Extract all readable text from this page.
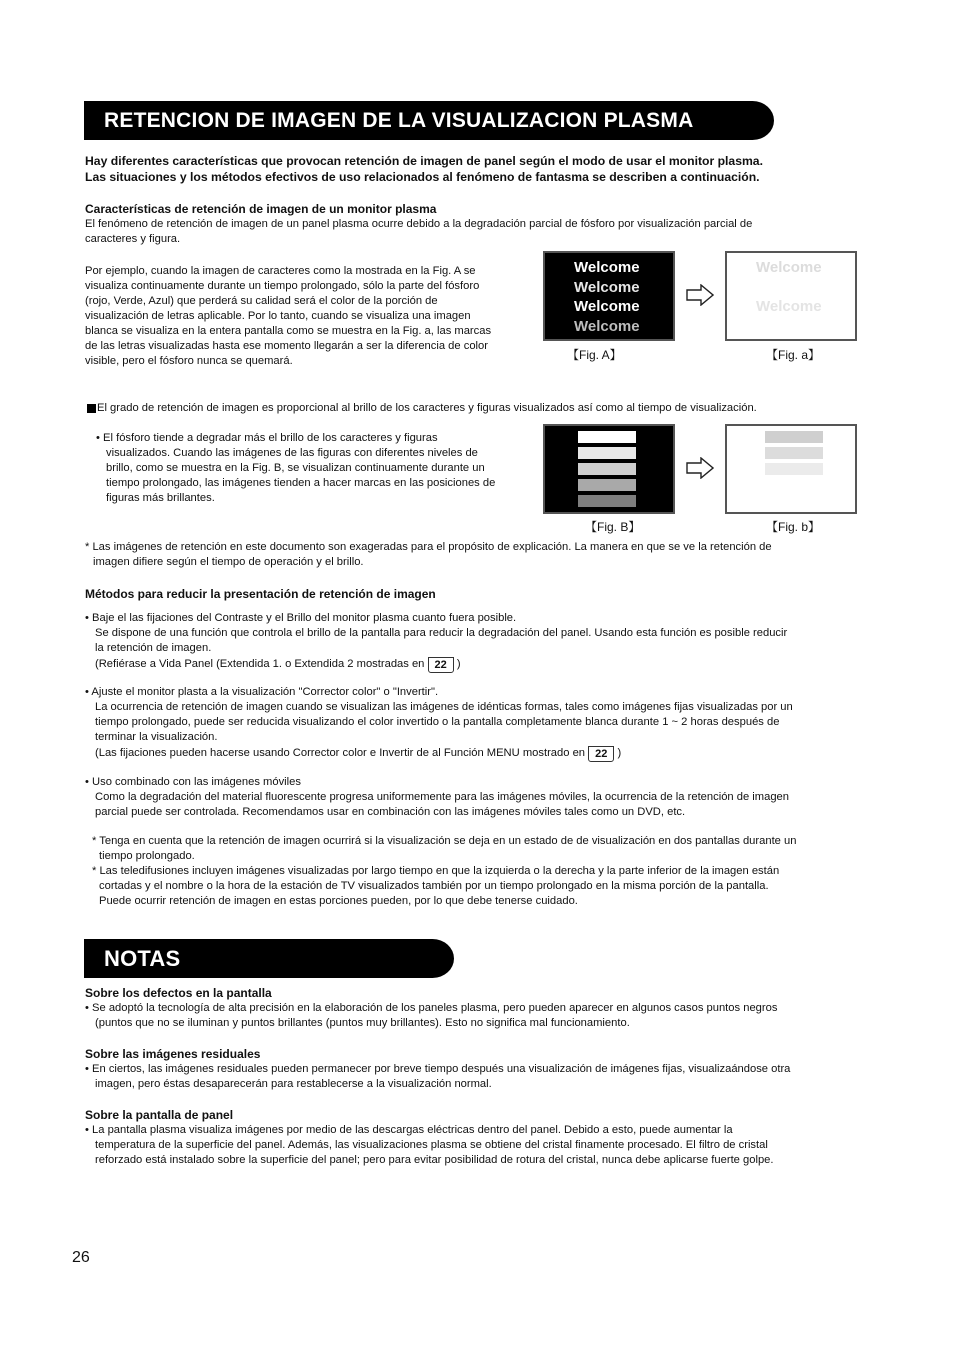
RETENCION DE IMAGEN DE LA VISUALIZACION PLASMA
Hay diferentes características que provocan retención de imagen de panel según el modo de usar el monitor plasma.
Las situaciones y los métodos efectivos de uso relacionados al fenómeno de fantasma se describen a continuación.
Características de retención de imagen de un monitor plasma
El fenómeno de retención de imagen de un panel plasma ocurre debido a la degradación parcial de fósforo por visualización parcial de
caracteres y figura.
Por ejemplo, cuando la imagen de caracteres como la mostrada en la Fig. A se
visualiza continuamente durante un tiempo prolongado, sólo la parte del fósforo
(rojo, Verde, Azul) que perderá su calidad será el color de la porción de
visualización de letras aplicable. Por lo tanto, cuando se visualiza una imagen
blanca se visualiza en la entera pantalla como se muestra en la Fig. a, las marcas
de las letras visualizadas hasta ese momento llegarán a ser la diferencia de color
visible, pero el fósforo nunca se quemará.
Welcome
Welcome
Welcome
Welcome
【Fig. A】
Welcome

Welcome
【Fig. a】
El grado de retención de imagen es proporcional al brillo de los caracteres y figuras visualizados así como al tiempo de visualización.
• El fósforo tiende a degradar más el brillo de los caracteres y figuras
visualizados. Cuando las imágenes de las figuras con diferentes niveles de
brillo, como se muestra en la Fig. B, se visualizan continuamente durante un
tiempo prolongado, las imágenes tienden a hacer marcas en las posiciones de
figuras más brillantes.
【Fig. B】	【Fig. b】
* Las imágenes de retención en este documento son exageradas para el propósito de explicación. La manera en que se ve la retención de
imagen difiere según el tiempo de operación y el brillo.
Métodos para reducir la presentación de retención de imagen
• Baje el las fijaciones del Contraste y el Brillo del monitor plasma cuanto fuera posible.
Se dispone de una función que controla el brillo de la pantalla para reducir la degradación del panel. Usando esta función es posible reducir
la retención de imagen.
(Refiérase a Vida Panel (Extendida 1. o Extendida 2 mostradas en 22 )
• Ajuste el monitor plasta a la visualización "Corrector color" o "Invertir".
La ocurrencia de retención de imagen cuando se visualizan las imágenes de idénticas formas, tales como imágenes fijas visualizadas por un
tiempo prolongado, puede ser reducida visualizando el color invertido o la pantalla completamente blanca durante 1 ~ 2 horas después de
terminar la visualización.
(Las fijaciones pueden hacerse usando Corrector color e Invertir de al Función MENU mostrado en 22 )
• Uso combinado con las imágenes móviles
Como la degradación del material fluorescente progresa uniformemente para las imágenes móviles, la ocurrencia de la retención de imagen
parcial puede ser controlada. Recomendamos usar en combinación con las imágenes móviles tales como un DVD, etc.
* Tenga en cuenta que la retención de imagen ocurrirá si la visualización se deja en un estado de de visualización en dos pantallas durante un
tiempo prolongado.
* Las teledifusiones incluyen imágenes visualizadas por largo tiempo en que la izquierda o la derecha y la parte inferior de la imagen están
cortadas y el nombre o la hora de la estación de TV visualizados también por un tiempo prolongado en la misma porción de la pantalla.
Puede ocurrir retención de imagen en estas porciones pueden, por lo que debe tenerse cuidado.
NOTAS
Sobre los defectos en la pantalla
• Se adoptó la tecnología de alta precisión en la elaboración de los paneles plasma, pero pueden aparecer en algunos casos puntos negros
(puntos que no se iluminan y puntos brillantes (puntos muy brillantes). Esto no significa mal funcionamiento.
Sobre las imágenes residuales
• En ciertos, las imágenes residuales pueden permanecer por breve tiempo después una visualización de imágenes fijas, visualizaándose otra
imagen, pero éstas desaparecerán para restablecerse a la visualización normal.
Sobre la pantalla de panel
• La pantalla plasma visualiza imágenes por medio de las descargas eléctricas dentro del panel. Debido a esto, puede aumentar la
temperatura de la superficie del panel. Además, las visualizaciones plasma se obtiene del cristal finamente procesado. El filtro de cristal
reforzado está instalado sobre la superficie del panel; pero para evitar posibilidad de rotura del cristal, nunca debe aplicarse fuerte golpe.
26
